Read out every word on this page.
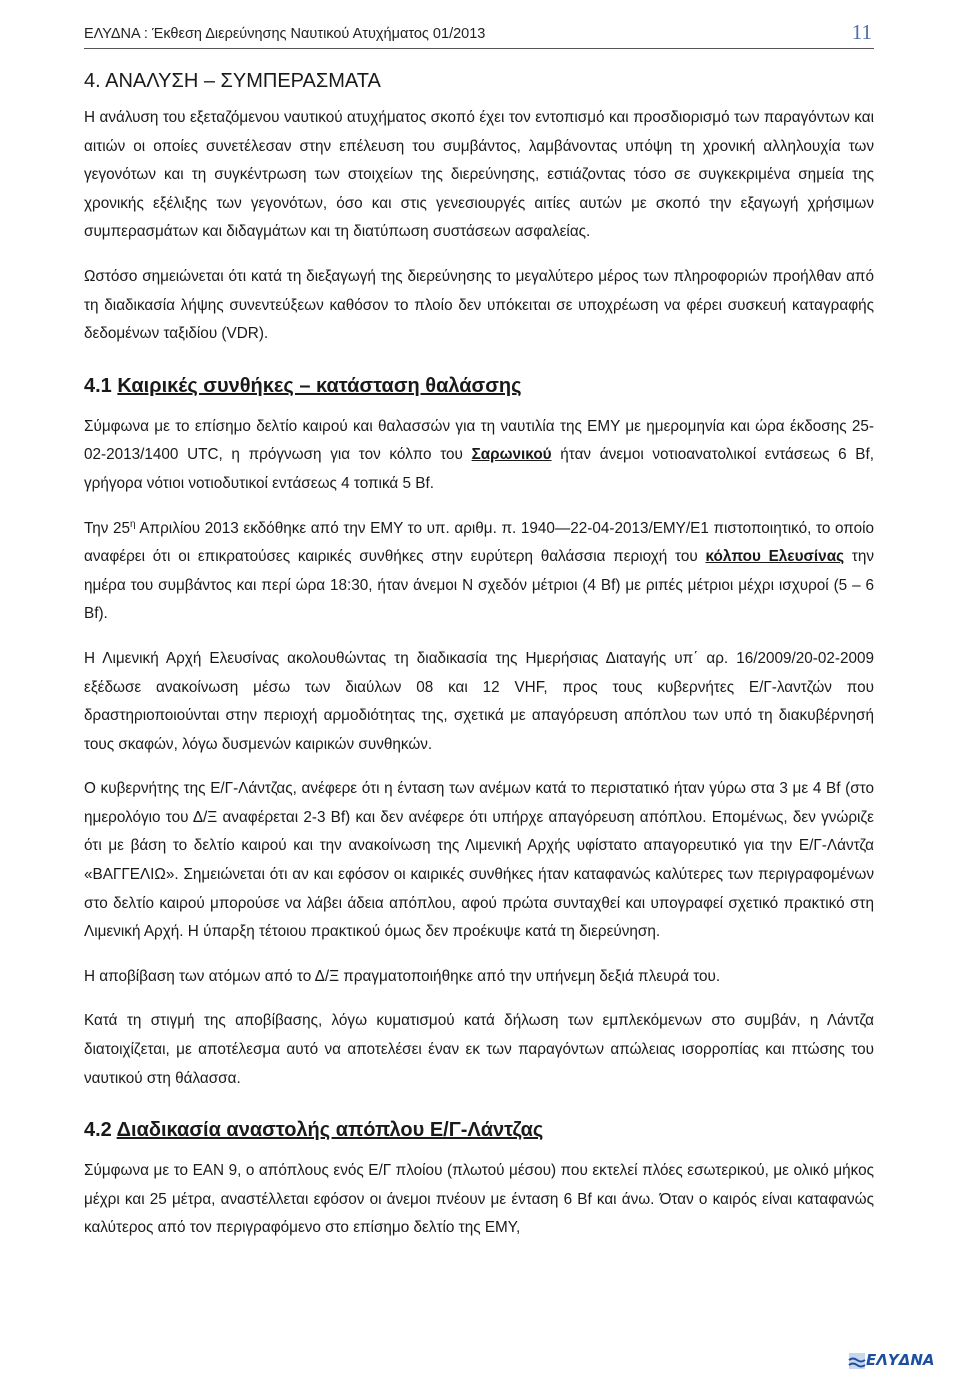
ΕΛΥΔΝΑ : Έκθεση Διερεύνησης Ναυτικού Ατυχήματος 01/2013	11
4. ΑΝΑΛΥΣΗ – ΣΥΜΠΕΡΑΣΜΑΤΑ

Η ανάλυση του εξεταζόμενου ναυτικού ατυχήματος σκοπό έχει τον εντοπισμό και προσδιορισμό των παραγόντων και αιτιών οι οποίες συνετέλεσαν στην επέλευση του συμβάντος, λαμβάνοντας υπόψη τη χρονική αλληλουχία των γεγονότων και τη συγκέντρωση των στοιχείων της διερεύνησης, εστιάζοντας τόσο σε συγκεκριμένα σημεία της χρονικής εξέλιξης των γεγονότων, όσο και στις γενεσιουργές αιτίες αυτών με σκοπό την εξαγωγή χρήσιμων συμπερασμάτων και διδαγμάτων και τη διατύπωση συστάσεων ασφαλείας.

Ωστόσο σημειώνεται ότι κατά τη διεξαγωγή της διερεύνησης το μεγαλύτερο μέρος των πληροφοριών προήλθαν από τη διαδικασία λήψης συνεντεύξεων καθόσον το πλοίο δεν υπόκειται σε υποχρέωση να φέρει συσκευή καταγραφής δεδομένων ταξιδίου (VDR).

4.1 Καιρικές συνθήκες – κατάσταση θαλάσσης

Σύμφωνα με το επίσημο δελτίο καιρού και θαλασσών για τη ναυτιλία της ΕΜΥ με ημερομηνία και ώρα έκδοσης 25-02-2013/1400 UTC, η πρόγνωση για τον κόλπο του Σαρωνικού ήταν άνεμοι νοτιοανατολικοί εντάσεως 6 Bf, γρήγορα νότιοι νοτιοδυτικοί εντάσεως 4 τοπικά 5 Bf.

Την $25^\eta$ Απριλίου 2013 εκδόθηκε από την ΕΜΥ το υπ. αριθμ. π. 1940—22-04-2013/ΕΜΥ/Ε1 πιστοποιητικό, το οποίο αναφέρει ότι οι επικρατούσες καιρικές συνθήκες στην ευρύτερη θαλάσσια περιοχή του κόλπου Ελευσίνας την ημέρα του συμβάντος και περί ώρα 18:30, ήταν άνεμοι Ν σχεδόν μέτριοι (4 Bf) με ριπές μέτριοι μέχρι ισχυροί (5 – 6 Bf).

Η Λιμενική Αρχή Ελευσίνας ακολουθώντας τη διαδικασία της Ημερήσιας Διαταγής υπ΄ αρ. 16/2009/20-02-2009 εξέδωσε ανακοίνωση μέσω των διαύλων 08 και 12 VHF, προς τους κυβερνήτες Ε/Γ-λαντζών που δραστηριοποιούνται στην περιοχή αρμοδιότητας της, σχετικά με απαγόρευση απόπλου των υπό τη διακυβέρνησή τους σκαφών, λόγω δυσμενών καιρικών συνθηκών.

Ο κυβερνήτης της Ε/Γ-Λάντζας, ανέφερε ότι η ένταση των ανέμων κατά το περιστατικό ήταν γύρω στα 3 με 4 Bf (στο ημερολόγιο του Δ/Ξ αναφέρεται 2-3 Bf) και δεν ανέφερε ότι υπήρχε απαγόρευση απόπλου. Επομένως, δεν γνώριζε ότι με βάση το δελτίο καιρού και την ανακοίνωση της Λιμενική Αρχής υφίστατο απαγορευτικό για την Ε/Γ-Λάντζα «ΒΑΓΓΕΛΙΩ». Σημειώνεται ότι αν και εφόσον οι καιρικές συνθήκες ήταν καταφανώς καλύτερες των περιγραφομένων στο δελτίο καιρού μπορούσε να λάβει άδεια απόπλου, αφού πρώτα συνταχθεί και υπογραφεί σχετικό πρακτικό στη Λιμενική Αρχή. Η ύπαρξη τέτοιου πρακτικού όμως δεν προέκυψε κατά τη διερεύνηση.

Η αποβίβαση των ατόμων από το Δ/Ξ πραγματοποιήθηκε από την υπήνεμη δεξιά πλευρά του.

Κατά τη στιγμή της αποβίβασης, λόγω κυματισμού κατά δήλωση των εμπλεκόμενων στο συμβάν, η Λάντζα διατοιχίζεται, με αποτέλεσμα αυτό να αποτελέσει έναν εκ των παραγόντων απώλειας ισορροπίας και πτώσης του ναυτικού στη θάλασσα.

4.2 Διαδικασία αναστολής απόπλου Ε/Γ-Λάντζας

Σύμφωνα με το ΕΑΝ 9, ο απόπλους ενός Ε/Γ πλοίου (πλωτού μέσου) που εκτελεί πλόες εσωτερικού, με ολικό μήκος μέχρι και 25 μέτρα, αναστέλλεται εφόσον οι άνεμοι πνέουν με ένταση 6 Bf και άνω. Όταν ο καιρός είναι καταφανώς καλύτερος από τον περιγραφόμενο στο επίσημο δελτίο της ΕΜΥ,

ΕΛΥΔΝΑ
